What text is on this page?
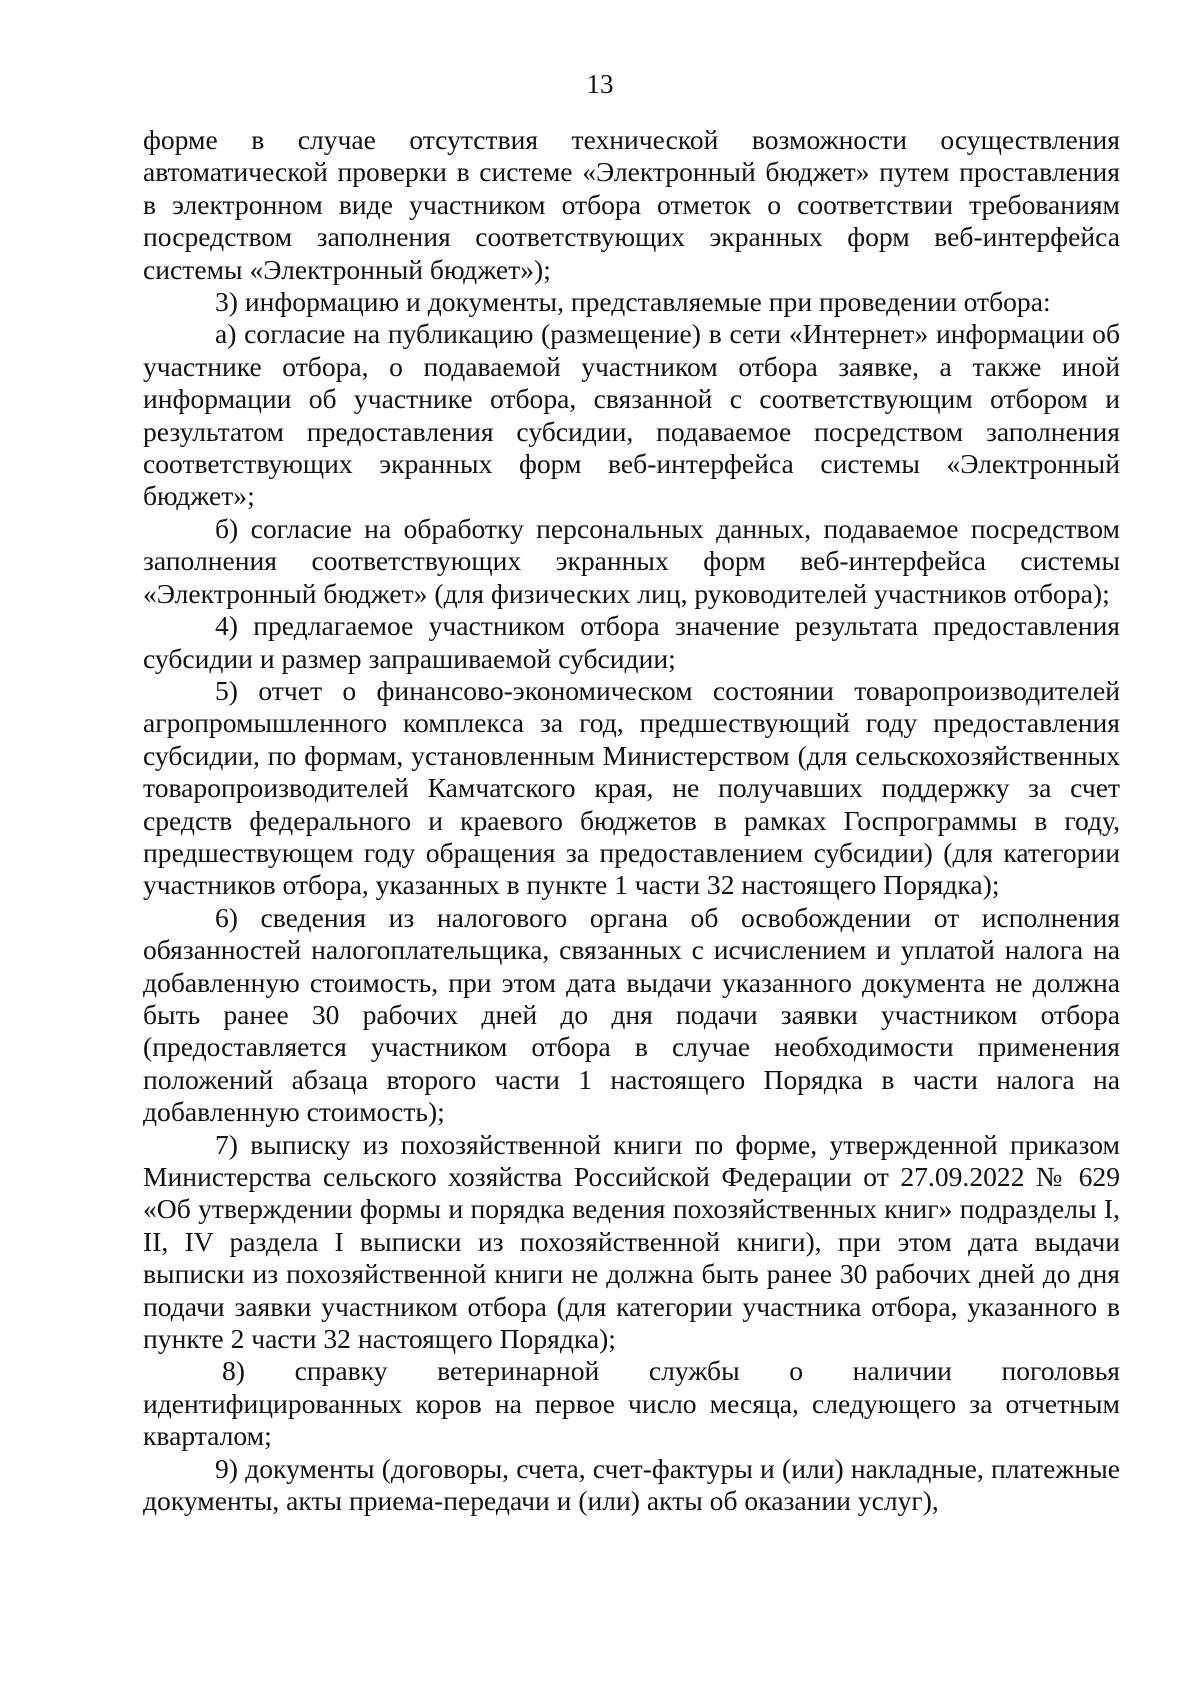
13

форме в случае отсутствия технической возможности осуществления автоматической проверки в системе «Электронный бюджет» путем проставления в электронном виде участником отбора отметок о соответствии требованиям посредством заполнения соответствующих экранных форм веб-интерфейса системы «Электронный бюджет»);

3) информацию и документы, представляемые при проведении отбора:

а) согласие на публикацию (размещение) в сети «Интернет» информации об участнике отбора, о подаваемой участником отбора заявке, а также иной информации об участнике отбора, связанной с соответствующим отбором и результатом предоставления субсидии, подаваемое посредством заполнения соответствующих экранных форм веб-интерфейса системы «Электронный бюджет»;

б) согласие на обработку персональных данных, подаваемое посредством заполнения соответствующих экранных форм веб-интерфейса системы «Электронный бюджет» (для физических лиц, руководителей участников отбора);

4) предлагаемое участником отбора значение результата предоставления субсидии и размер запрашиваемой субсидии;

5) отчет о финансово-экономическом состоянии товаропроизводителей агропромышленного комплекса за год, предшествующий году предоставления субсидии, по формам, установленным Министерством (для сельскохозяйственных товаропроизводителей Камчатского края, не получавших поддержку за счет средств федерального и краевого бюджетов в рамках Госпрограммы в году, предшествующем году обращения за предоставлением субсидии) (для категории участников отбора, указанных в пункте 1 части 32 настоящего Порядка);

6) сведения из налогового органа об освобождении от исполнения обязанностей налогоплательщика, связанных с исчислением и уплатой налога на добавленную стоимость, при этом дата выдачи указанного документа не должна быть ранее 30 рабочих дней до дня подачи заявки участником отбора (предоставляется участником отбора в случае необходимости применения положений абзаца второго части 1 настоящего Порядка в части налога на добавленную стоимость);

7) выписку из похозяйственной книги по форме, утвержденной приказом Министерства сельского хозяйства Российской Федерации от 27.09.2022 № 629 «Об утверждении формы и порядка ведения похозяйственных книг» подразделы I, II, IV раздела I выписки из похозяйственной книги), при этом дата выдачи выписки из похозяйственной книги не должна быть ранее 30 рабочих дней до дня подачи заявки участником отбора (для категории участника отбора, указанного в пункте 2 части 32 настоящего Порядка);

8) справку ветеринарной службы о наличии поголовья идентифицированных коров на первое число месяца, следующего за отчетным кварталом;

9) документы (договоры, счета, счет-фактуры и (или) накладные, платежные документы, акты приема-передачи и (или) акты об оказании услуг),
